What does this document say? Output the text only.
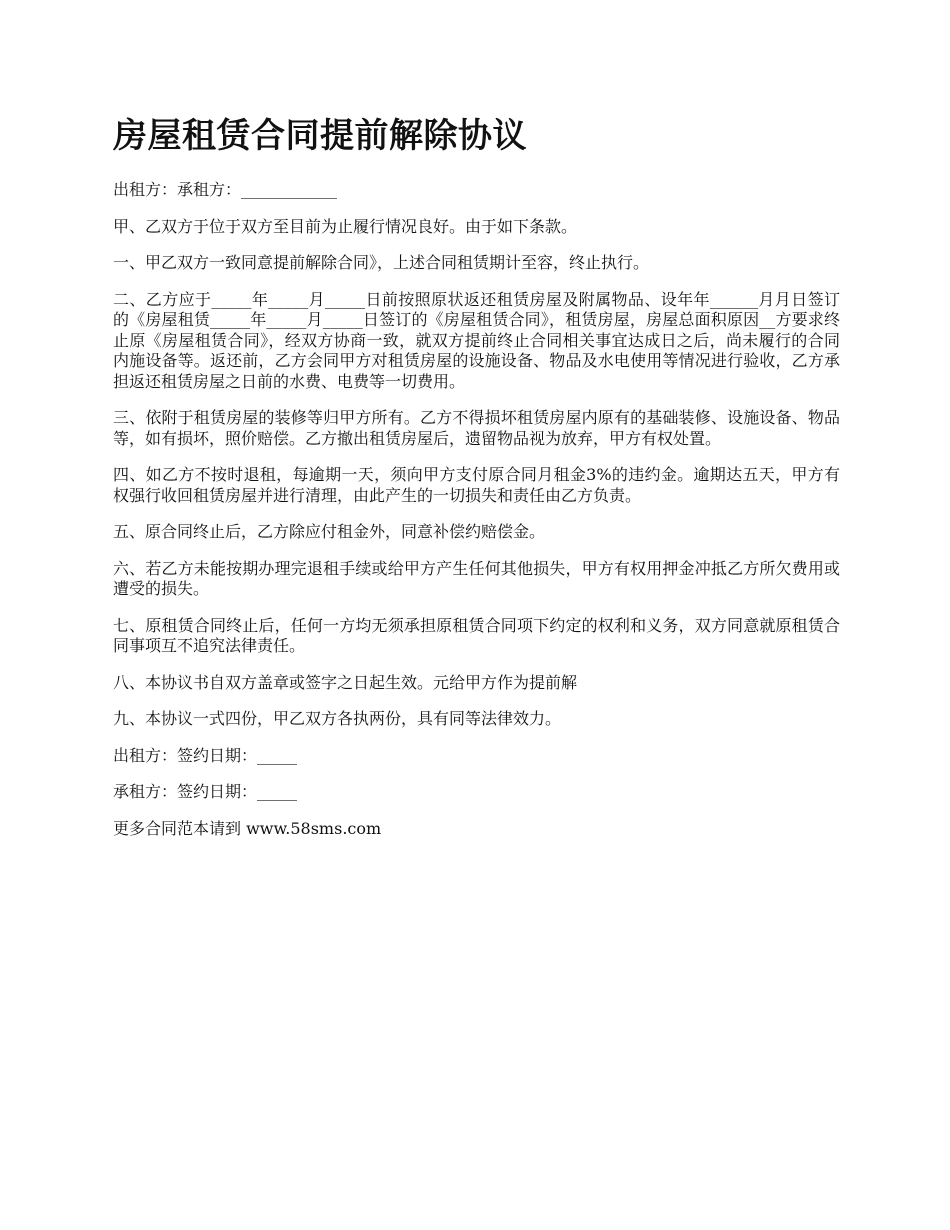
房屋租赁合同提前解除协议

出租方：承租方：____________

甲、乙双方于位于双方至目前为止履行情况良好。由于如下条款。

一、甲乙双方一致同意提前解除合同》，上述合同租赁期计至容，终止执行。

二、乙方应于_____年_____月_____日前按照原状返还租赁房屋及附属物品、设年年______月月日签订的《房屋租赁_____年_____月_____日签订的《房屋租赁合同》，租赁房屋，房屋总面积原因__方要求终止原《房屋租赁合同》，经双方协商一致，就双方提前终止合同相关事宜达成日之后，尚未履行的合同内施设备等。返还前，乙方会同甲方对租赁房屋的设施设备、物品及水电使用等情况进行验收，乙方承担返还租赁房屋之日前的水费、电费等一切费用。

三、依附于租赁房屋的装修等归甲方所有。乙方不得损坏租赁房屋内原有的基础装修、设施设备、物品等，如有损坏，照价赔偿。乙方撤出租赁房屋后，遗留物品视为放弃，甲方有权处置。

四、如乙方不按时退租，每逾期一天，须向甲方支付原合同月租金3%的违约金。逾期达五天，甲方有权强行收回租赁房屋并进行清理，由此产生的一切损失和责任由乙方负责。

五、原合同终止后，乙方除应付租金外，同意补偿约赔偿金。

六、若乙方未能按期办理完退租手续或给甲方产生任何其他损失，甲方有权用押金冲抵乙方所欠费用或遭受的损失。

七、原租赁合同终止后，任何一方均无须承担原租赁合同项下约定的权利和义务，双方同意就原租赁合同事项互不追究法律责任。

八、本协议书自双方盖章或签字之日起生效。元给甲方作为提前解

九、本协议一式四份，甲乙双方各执两份，具有同等法律效力。

出租方：签约日期：_____

承租方：签约日期：_____

更多合同范本请到 www.58sms.com
